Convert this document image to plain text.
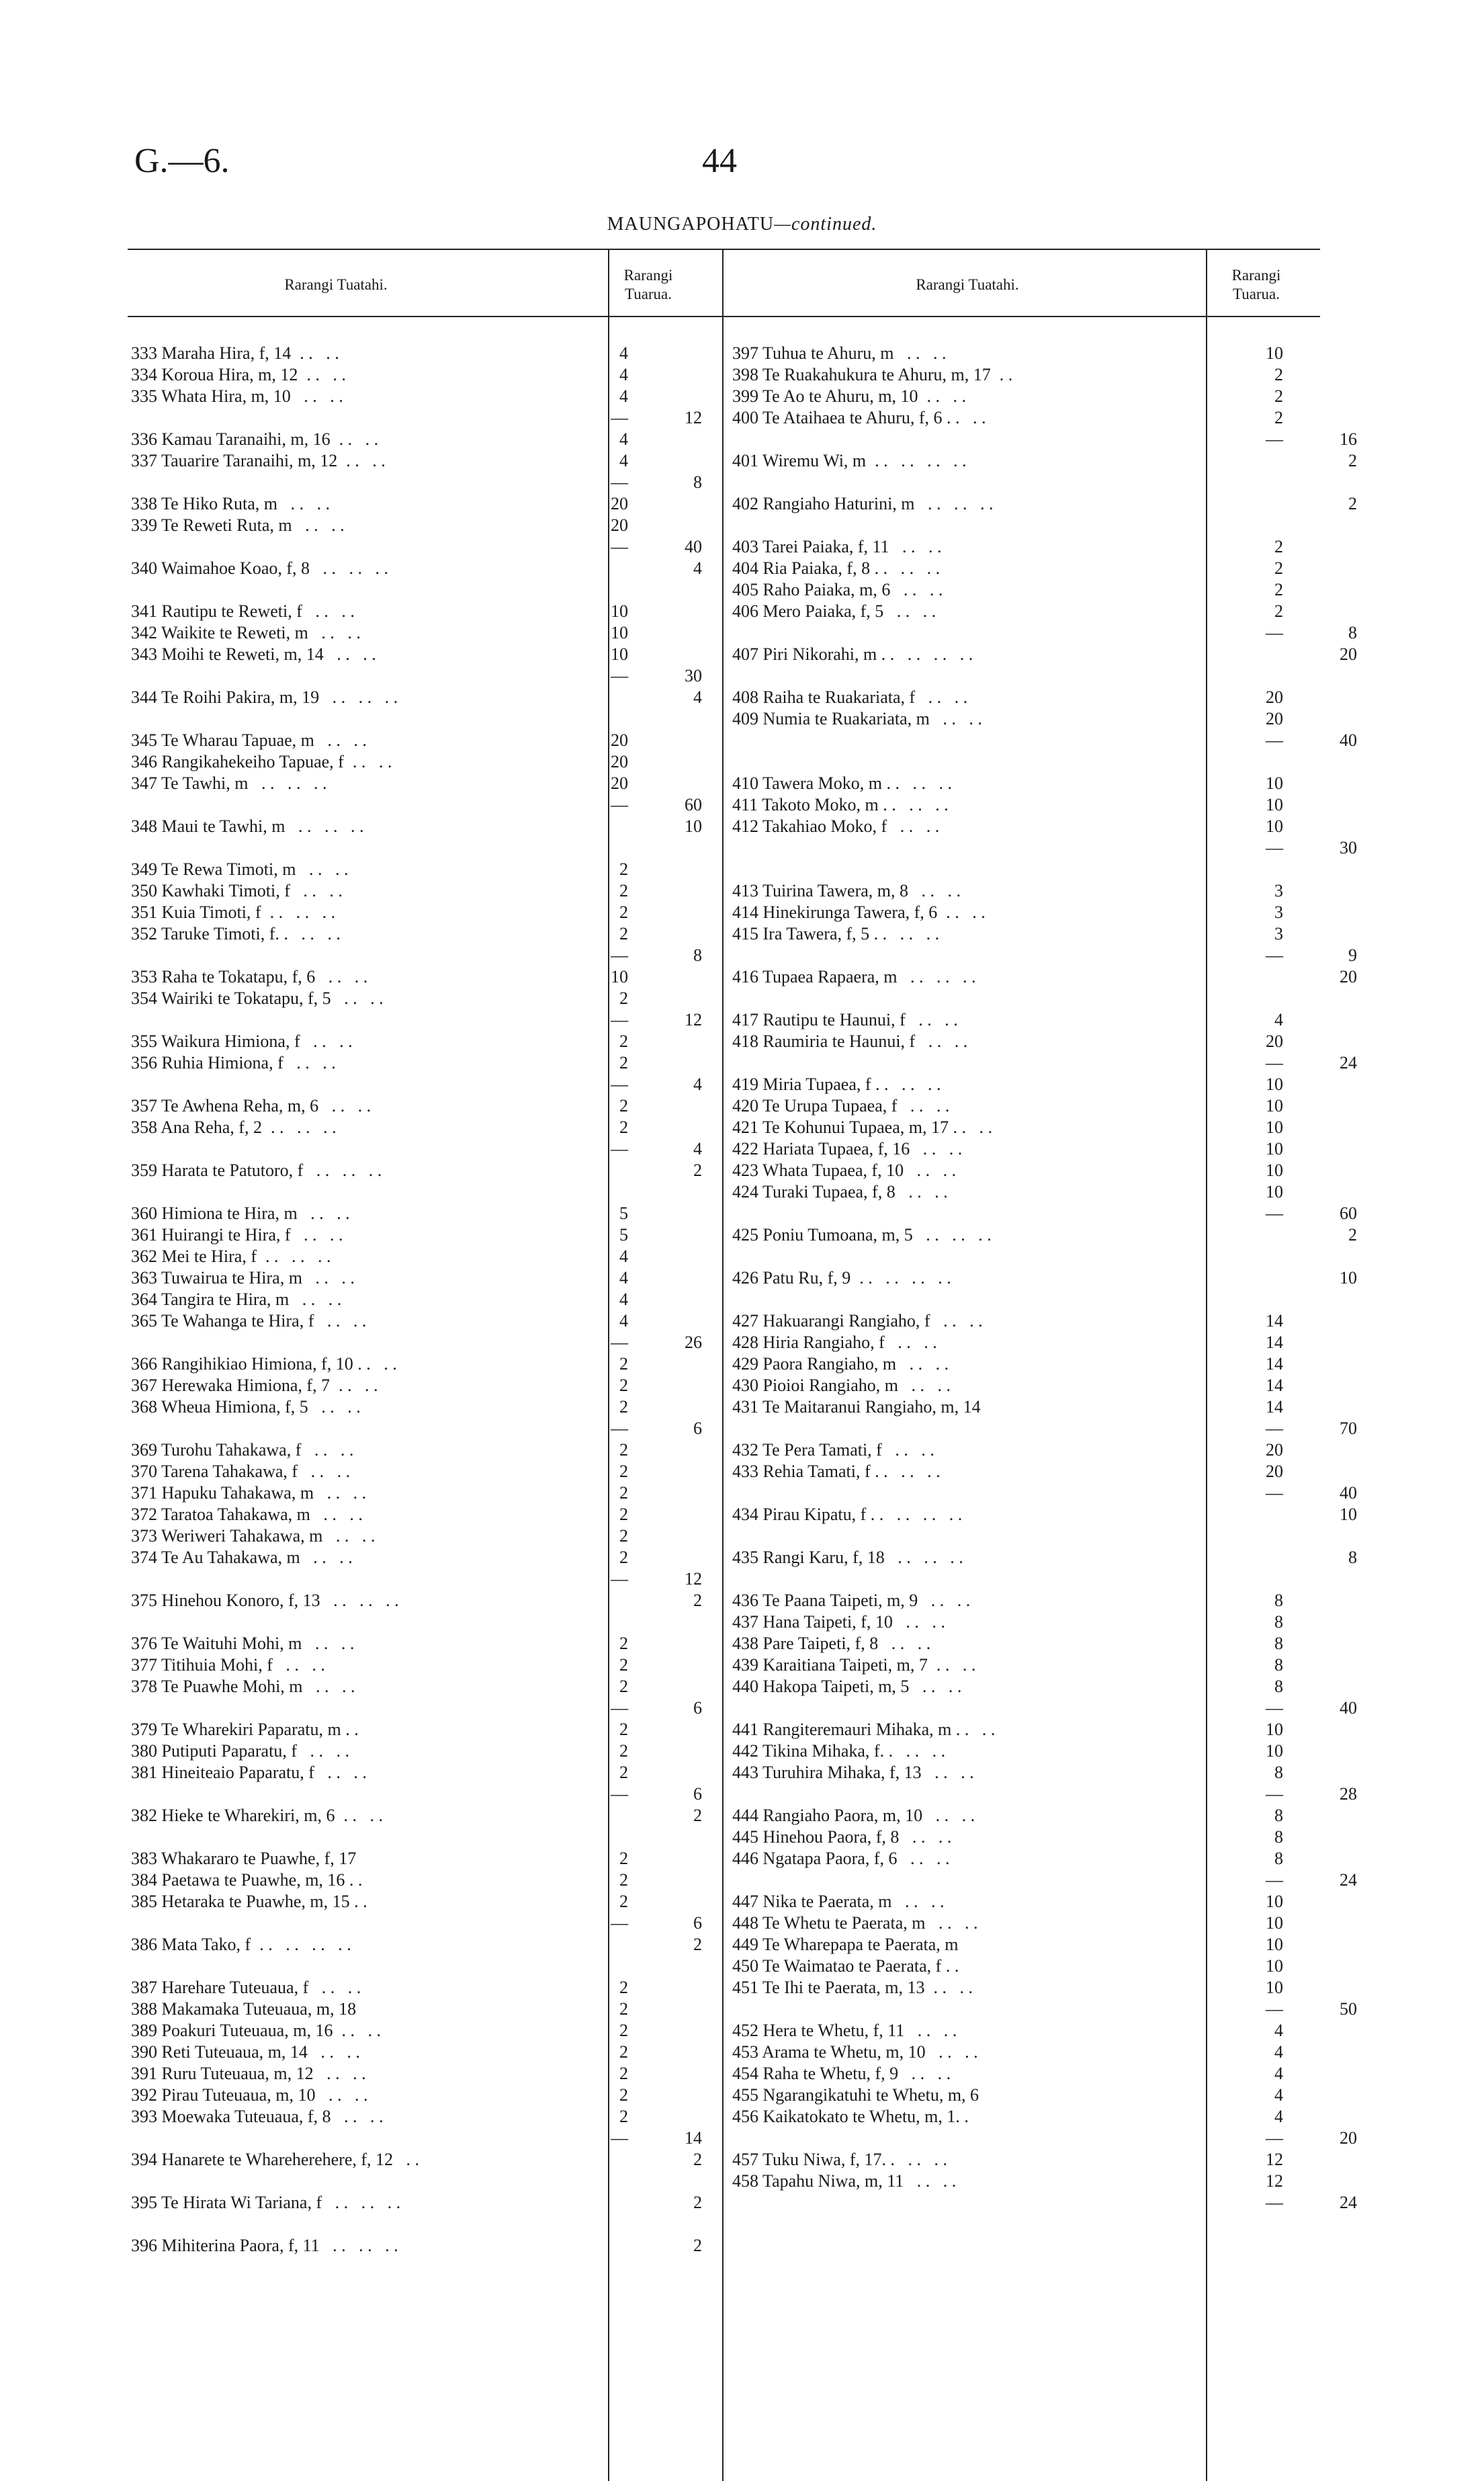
G.—6.	44
MAUNGAPOHATU—continued.
Rarangi Tuatahi.
Rarangi
Tuarua.
Rarangi Tuatahi.
Rarangi
Tuarua.
333 Maraha Hira, f, 14  . .   . .	4
334 Koroua Hira, m, 12  . .   . .	4
335 Whata Hira, m, 10   . .   . .	4
—	12
336 Kamau Taranaihi, m, 16  . .   . .	4
337 Tauarire Taranaihi, m, 12  . .   . .	4
—	8
338 Te Hiko Ruta, m   . .   . .	20
339 Te Reweti Ruta, m   . .   . .	20
—	40
340 Waimahoe Koao, f, 8   . .   . .   . .	4
341 Rautipu te Reweti, f   . .   . .	10
342 Waikite te Reweti, m   . .   . .	10
343 Moihi te Reweti, m, 14   . .   . .	10
—	30
344 Te Roihi Pakira, m, 19   . .   . .   . .	4
345 Te Wharau Tapuae, m   . .   . .	20
346 Rangikahekeiho Tapuae, f  . .   . .	20
347 Te Tawhi, m   . .   . .   . .	20
—	60
348 Maui te Tawhi, m   . .   . .   . .	10
349 Te Rewa Timoti, m   . .   . .	2
350 Kawhaki Timoti, f   . .   . .	2
351 Kuia Timoti, f  . .   . .   . .	2
352 Taruke Timoti, f. .   . .   . .	2
—	8
353 Raha te Tokatapu, f, 6   . .   . .	10
354 Wairiki te Tokatapu, f, 5   . .   . .	2
—	12
355 Waikura Himiona, f   . .   . .	2
356 Ruhia Himiona, f   . .   . .	2
—	4
357 Te Awhena Reha, m, 6   . .   . .	2
358 Ana Reha, f, 2  . .   . .   . .	2
—	4
359 Harata te Patutoro, f   . .   . .   . .	2
360 Himiona te Hira, m   . .   . .	5
361 Huirangi te Hira, f   . .   . .	5
362 Mei te Hira, f  . .   . .   . .	4
363 Tuwairua te Hira, m   . .   . .	4
364 Tangira te Hira, m   . .   . .	4
365 Te Wahanga te Hira, f   . .   . .	4
—	26
366 Rangihikiao Himiona, f, 10 . .   . .	2
367 Herewaka Himiona, f, 7  . .   . .	2
368 Wheua Himiona, f, 5   . .   . .	2
—	6
369 Turohu Tahakawa, f   . .   . .	2
370 Tarena Tahakawa, f   . .   . .	2
371 Hapuku Tahakawa, m   . .   . .	2
372 Taratoa Tahakawa, m   . .   . .	2
373 Weriweri Tahakawa, m   . .   . .	2
374 Te Au Tahakawa, m   . .   . .	2
—	12
375 Hinehou Konoro, f, 13   . .   . .   . .	2
376 Te Waituhi Mohi, m   . .   . .	2
377 Titihuia Mohi, f   . .   . .	2
378 Te Puawhe Mohi, m   . .   . .	2
—	6
379 Te Wharekiri Paparatu, m . .	2
380 Putiputi Paparatu, f   . .   . .	2
381 Hineiteaio Paparatu, f   . .   . .	2
—	6
382 Hieke te Wharekiri, m, 6  . .   . .	2
383 Whakararo te Puawhe, f, 17	2
384 Paetawa te Puawhe, m, 16 . .	2
385 Hetaraka te Puawhe, m, 15 . .	2
—	6
386 Mata Tako, f  . .   . .   . .   . .	2
387 Harehare Tuteuaua, f   . .   . .	2
388 Makamaka Tuteuaua, m, 18	2
389 Poakuri Tuteuaua, m, 16  . .   . .	2
390 Reti Tuteuaua, m, 14   . .   . .	2
391 Ruru Tuteuaua, m, 12   . .   . .	2
392 Pirau Tuteuaua, m, 10   . .   . .	2
393 Moewaka Tuteuaua, f, 8   . .   . .	2
—	14
394 Hanarete te Whareherehere, f, 12   . .	2
395 Te Hirata Wi Tariana, f   . .   . .   . .	2
396 Mihiterina Paora, f, 11   . .   . .   . .	2
397 Tuhua te Ahuru, m   . .   . .	10
398 Te Ruakahukura te Ahuru, m, 17  . .	2
399 Te Ao te Ahuru, m, 10  . .   . .	2
400 Te Ataihaea te Ahuru, f, 6 . .   . .	2
—	16
401 Wiremu Wi, m  . .   . .   . .   . .	2
402 Rangiaho Haturini, m   . .   . .   . .	2
403 Tarei Paiaka, f, 11   . .   . .	2
404 Ria Paiaka, f, 8 . .   . .   . .	2
405 Raho Paiaka, m, 6   . .   . .	2
406 Mero Paiaka, f, 5   . .   . .	2
—	8
407 Piri Nikorahi, m . .   . .   . .   . .	20
408 Raiha te Ruakariata, f   . .   . .	20
409 Numia te Ruakariata, m   . .   . .	20
—	40
410 Tawera Moko, m . .   . .   . .	10
411 Takoto Moko, m . .   . .   . .	10
412 Takahiao Moko, f   . .   . .	10
—	30
413 Tuirina Tawera, m, 8   . .   . .	3
414 Hinekirunga Tawera, f, 6  . .   . .	3
415 Ira Tawera, f, 5 . .   . .   . .	3
—	9
416 Tupaea Rapaera, m   . .   . .   . .	20
417 Rautipu te Haunui, f   . .   . .	4
418 Raumiria te Haunui, f   . .   . .	20
—	24
419 Miria Tupaea, f . .   . .   . .	10
420 Te Urupa Tupaea, f   . .   . .	10
421 Te Kohunui Tupaea, m, 17 . .   . .	10
422 Hariata Tupaea, f, 16   . .   . .	10
423 Whata Tupaea, f, 10   . .   . .	10
424 Turaki Tupaea, f, 8   . .   . .	10
—	60
425 Poniu Tumoana, m, 5   . .   . .   . .	2
426 Patu Ru, f, 9  . .   . .   . .   . .	10
427 Hakuarangi Rangiaho, f   . .   . .	14
428 Hiria Rangiaho, f   . .   . .	14
429 Paora Rangiaho, m   . .   . .	14
430 Pioioi Rangiaho, m   . .   . .	14
431 Te Maitaranui Rangiaho, m, 14	14
—	70
432 Te Pera Tamati, f   . .   . .	20
433 Rehia Tamati, f . .   . .   . .	20
—	40
434 Pirau Kipatu, f . .   . .   . .   . .	10
435 Rangi Karu, f, 18   . .   . .   . .	8
436 Te Paana Taipeti, m, 9   . .   . .	8
437 Hana Taipeti, f, 10   . .   . .	8
438 Pare Taipeti, f, 8   . .   . .	8
439 Karaitiana Taipeti, m, 7  . .   . .	8
440 Hakopa Taipeti, m, 5   . .   . .	8
—	40
441 Rangiteremauri Mihaka, m . .   . .	10
442 Tikina Mihaka, f. .   . .   . .	10
443 Turuhira Mihaka, f, 13   . .   . .	8
—	28
444 Rangiaho Paora, m, 10   . .   . .	8
445 Hinehou Paora, f, 8   . .   . .	8
446 Ngatapa Paora, f, 6   . .   . .	8
—	24
447 Nika te Paerata, m   . .   . .	10
448 Te Whetu te Paerata, m   . .   . .	10
449 Te Wharepapa te Paerata, m	10
450 Te Waimatao te Paerata, f . .	10
451 Te Ihi te Paerata, m, 13  . .   . .	10
—	50
452 Hera te Whetu, f, 11   . .   . .	4
453 Arama te Whetu, m, 10   . .   . .	4
454 Raha te Whetu, f, 9   . .   . .	4
455 Ngarangikatuhi te Whetu, m, 6	4
456 Kaikatokato te Whetu, m, 1. .	4
—	20
457 Tuku Niwa, f, 17. .   . .   . .	12
458 Tapahu Niwa, m, 11   . .   . .	12
—	24
